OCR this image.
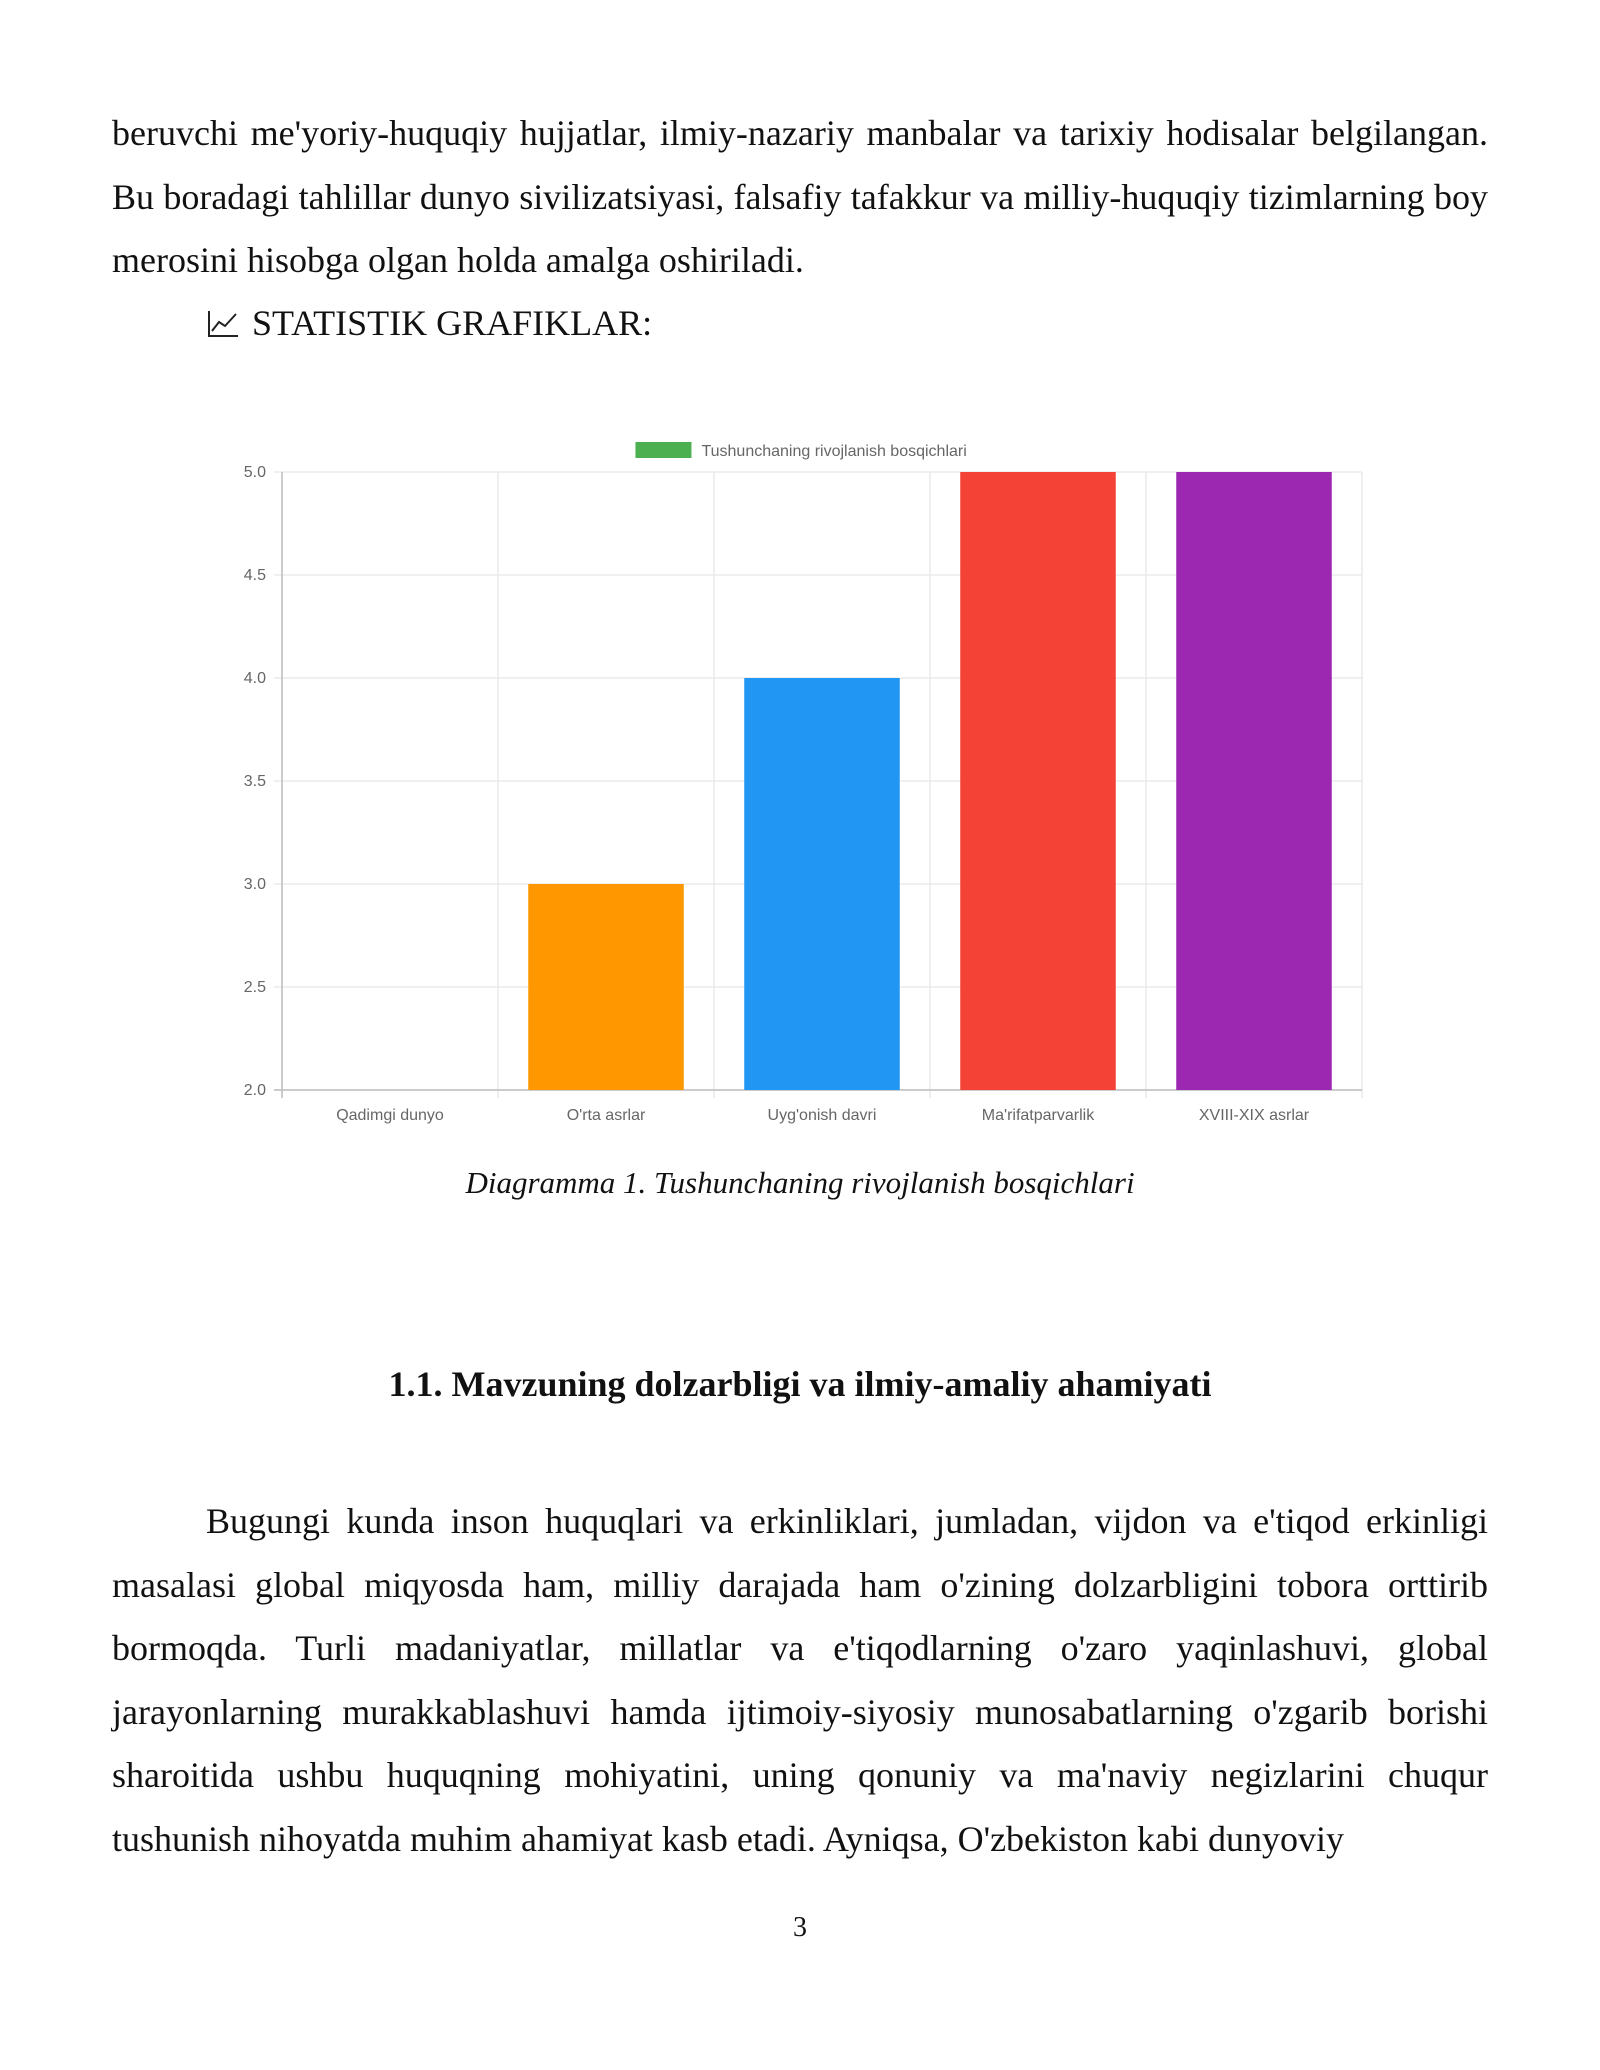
beruvchi me'yoriy-huquqiy hujjatlar, ilmiy-nazariy manbalar va tarixiy hodisalar belgilangan. Bu boradagi tahlillar dunyo sivilizatsiyasi, falsafiy tafakkur va milliy-huquqiy tizimlarning boy merosini hisobga olgan holda amalga oshiriladi.

STATISTIK GRAFIKLAR:
2.0
2.5
3.0
3.5
4.0
4.5
5.0
Qadimgi dunyo	O'rta asrlar	Uyg'onish davri	Ma'rifatparvarlik	XVIII-XIX asrlar
Tushunchaning rivojlanish bosqichlari
Diagramma 1. Tushunchaning rivojlanish bosqichlari
1.1. Mavzuning dolzarbligi va ilmiy-amaliy ahamiyati

Bugungi kunda inson huquqlari va erkinliklari, jumladan, vijdon va e'tiqod erkinligi masalasi global miqyosda ham, milliy darajada ham o'zining dolzarbligini tobora orttirib bormoqda. Turli madaniyatlar, millatlar va e'tiqodlarning o'zaro yaqinlashuvi, global jarayonlarning murakkablashuvi hamda ijtimoiy-siyosiy munosabatlarning o'zgarib borishi sharoitida ushbu huquqning mohiyatini, uning qonuniy va ma'naviy negizlarini chuqur tushunish nihoyatda muhim ahamiyat kasb etadi. Ayniqsa, O'zbekiston kabi dunyoviy

3
